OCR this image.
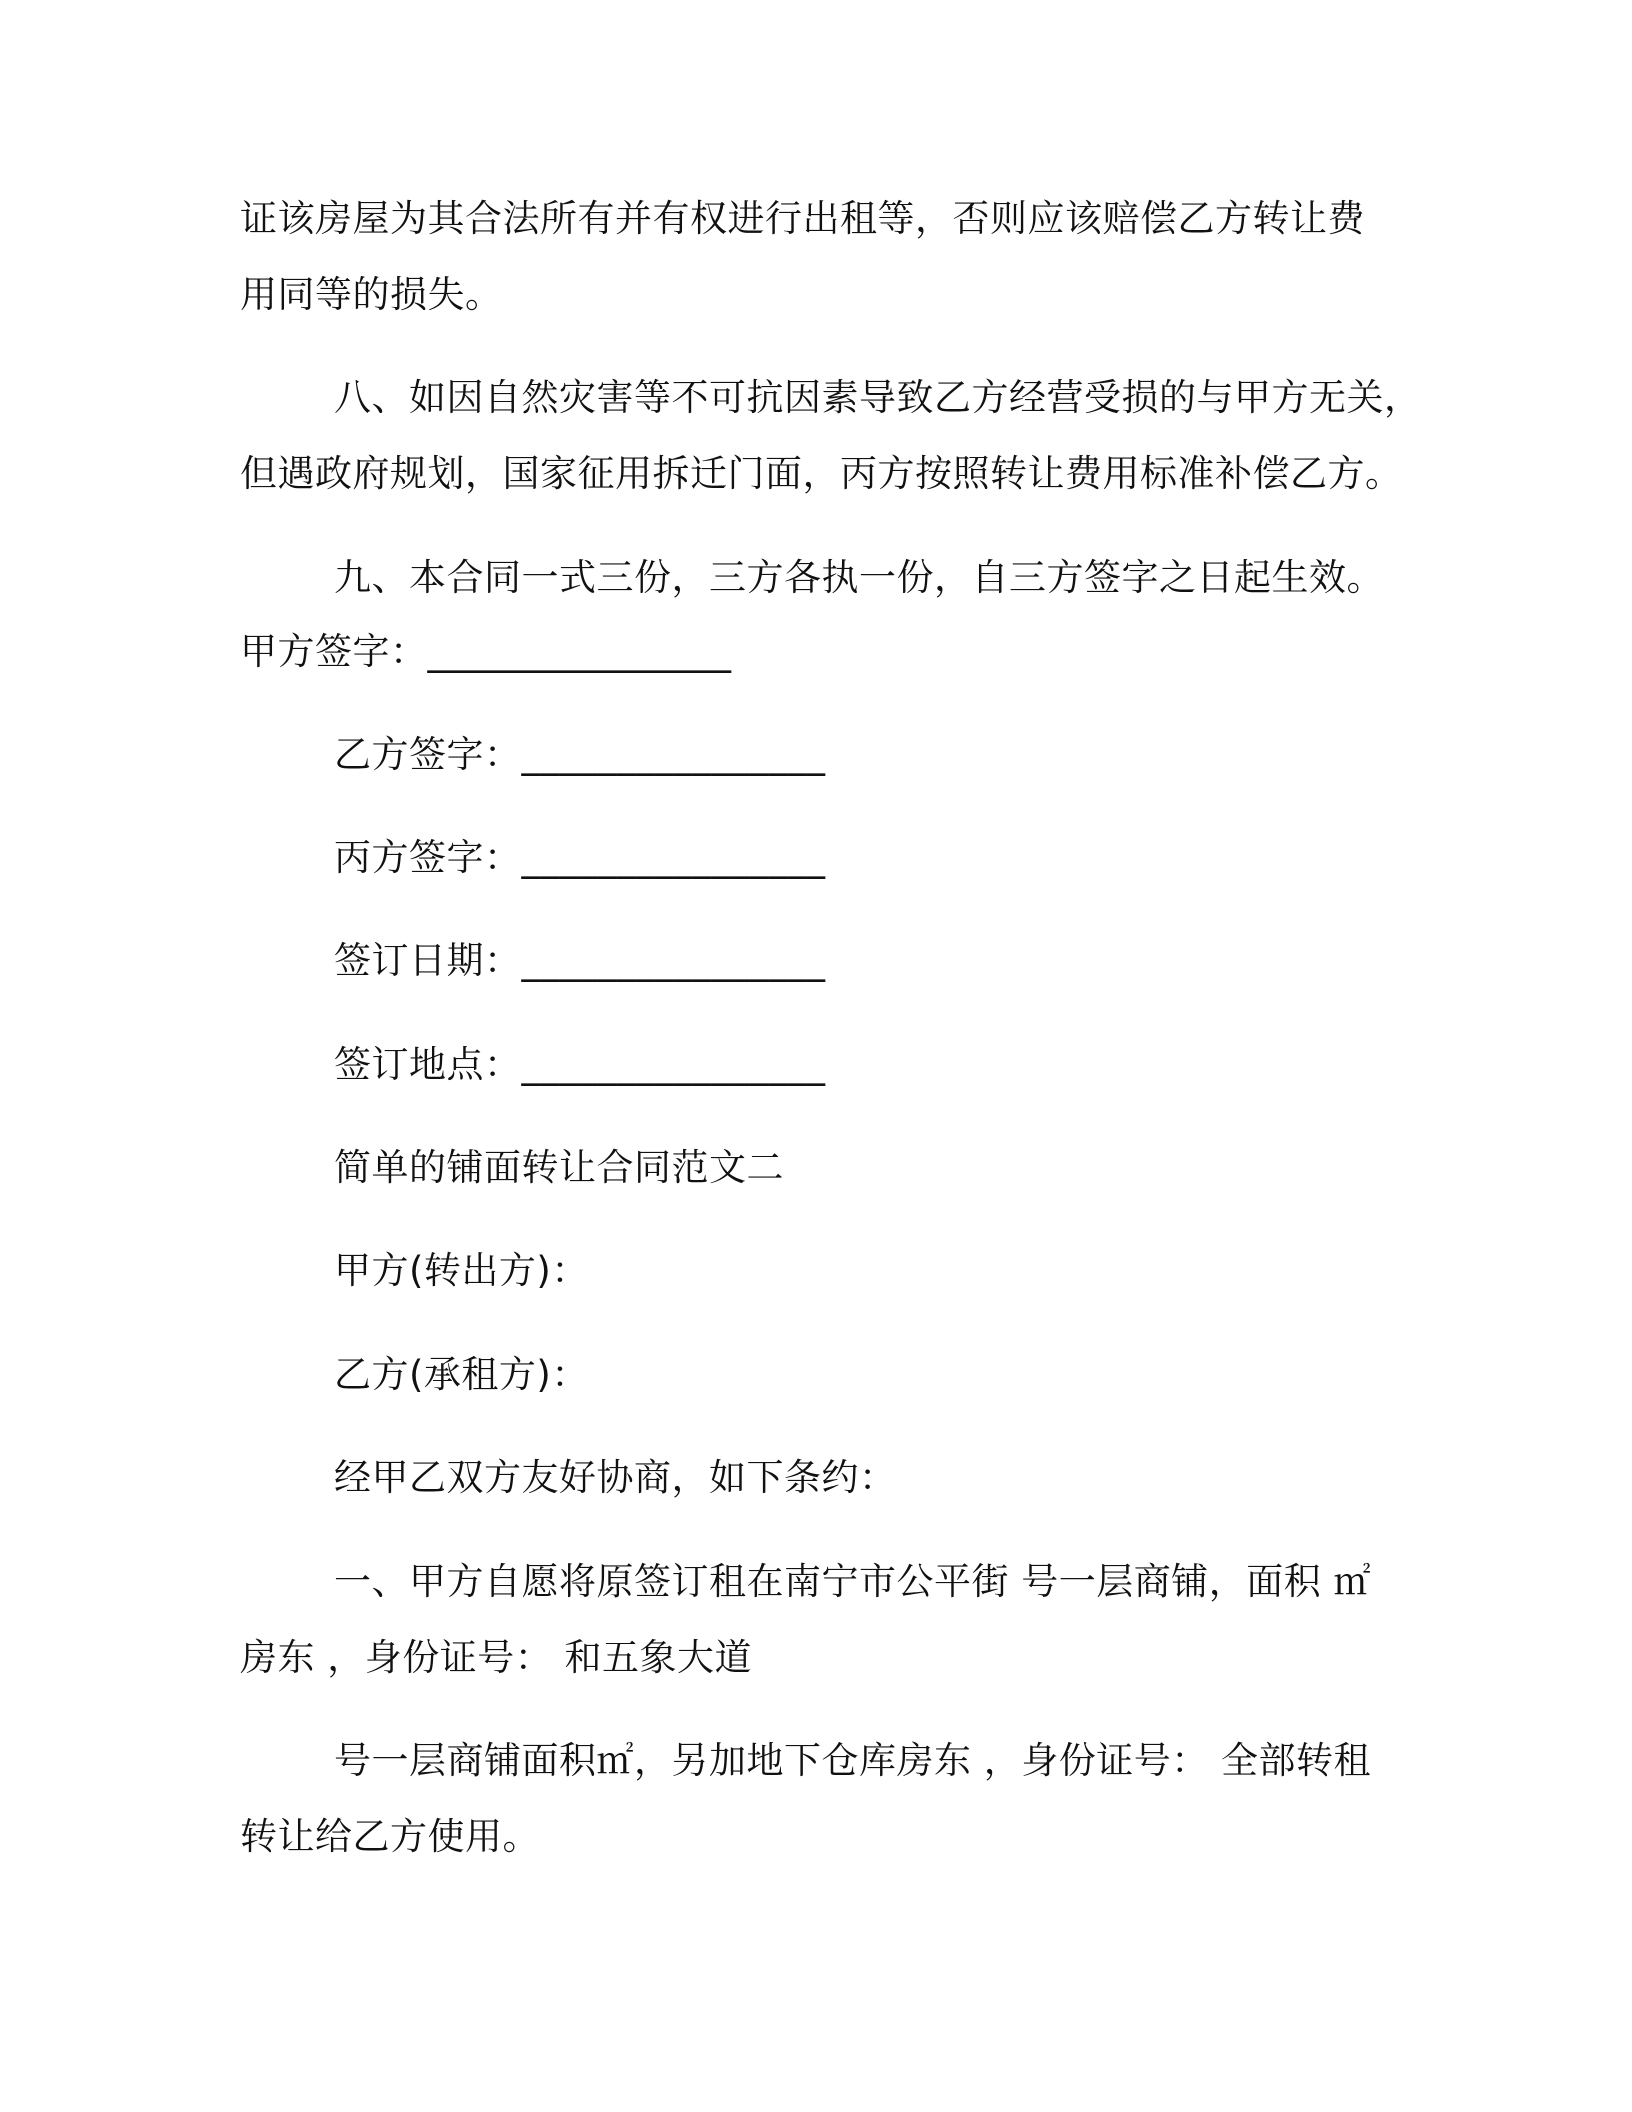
证该房屋为其合法所有并有权进行出租等，否则应该赔偿乙方转让费
用同等的损失。
八、如因自然灾害等不可抗因素导致乙方经营受损的与甲方无关，
但遇政府规划，国家征用拆迁门面，丙方按照转让费用标准补偿乙方。
九、本合同一式三份，三方各执一份，自三方签字之日起生效。
甲方签字：________________
乙方签字：________________
丙方签字：________________
签订日期：________________
签订地点：________________
简单的铺面转让合同范文二
甲方(转出方)：
乙方(承租方)：
经甲乙双方友好协商，如下条约：
一、甲方自愿将原签订租在南宁市公平街 号一层商铺，面积 ㎡
房东 ，身份证号： 和五象大道
号一层商铺面积㎡，另加地下仓库房东 ，身份证号： 全部转租
转让给乙方使用。
